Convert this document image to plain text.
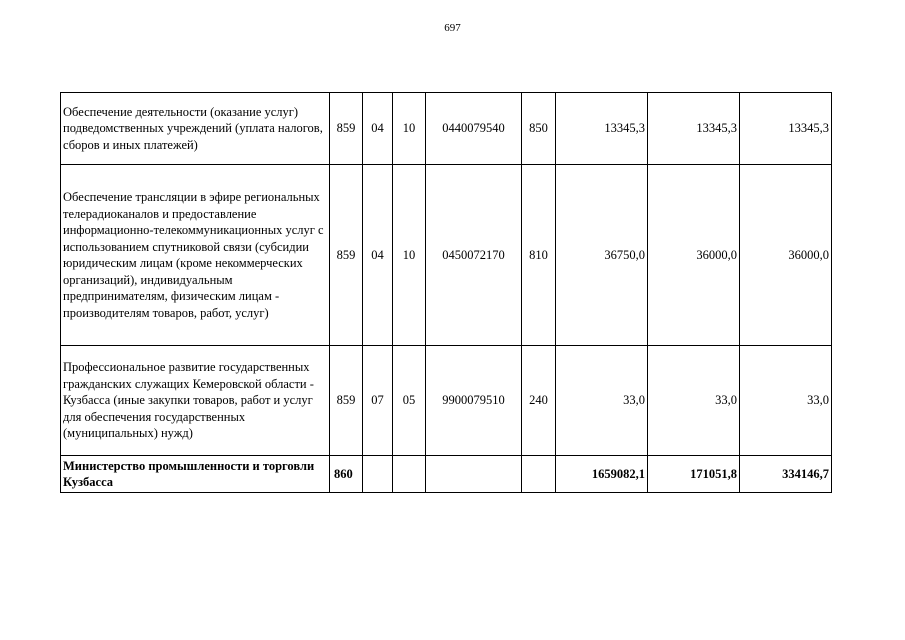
697
Обеспечение деятельности (оказание услуг) подведомственных учреждений (уплата налогов, сборов и иных платежей)	859	04	10	0440079540	850	13345,3	13345,3	13345,3
Обеспечение трансляции в эфире региональных телерадиоканалов и предоставление информационно-телекоммуникационных услуг с использованием спутниковой связи (субсидии юридическим лицам (кроме некоммерческих организаций), индивидуальным предпринимателям, физическим лицам - производителям товаров, работ, услуг)	859	04	10	0450072170	810	36750,0	36000,0	36000,0
Профессиональное развитие государственных гражданских служащих Кемеровской области - Кузбасса (иные закупки товаров, работ и услуг для обеспечения государственных (муниципальных) нужд)	859	07	05	9900079510	240	33,0	33,0	33,0
Министерство промышленности и торговли Кузбасса	860					1659082,1	171051,8	334146,7
